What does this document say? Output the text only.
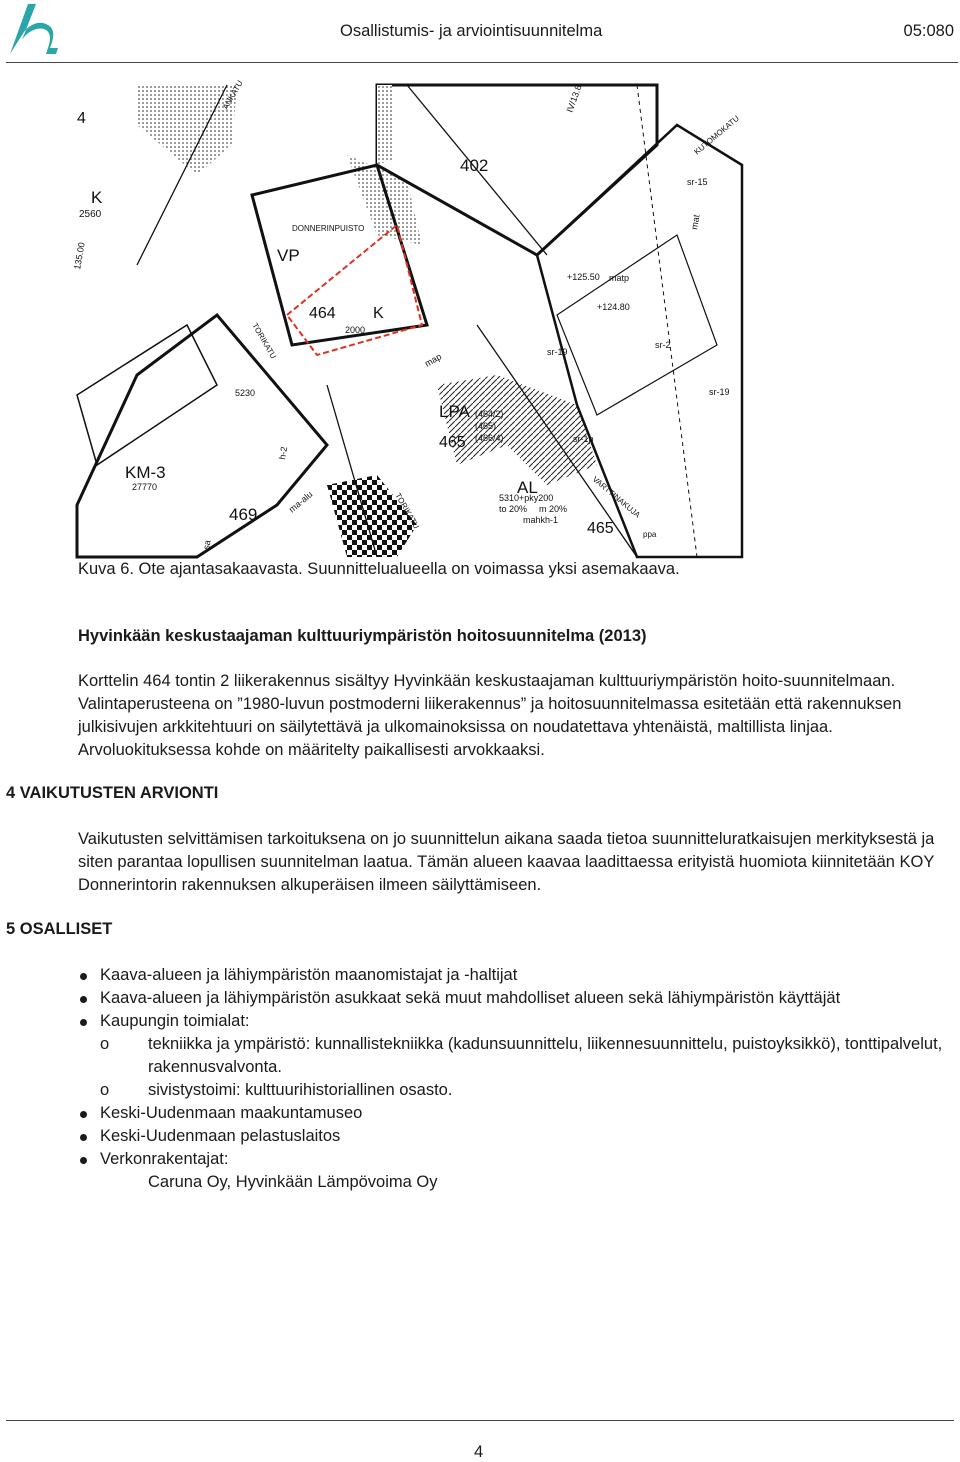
Osallistumis- ja arviointisuunnitelma	05:080
4
K
2560
135.00	VP
DONNERINPUISTO
464 K
2000
402
KUTOMOKATU
sr-15
mat
+125.50
+124.80
matp
sr-2
sr-19
sr-19
TORIKATU
TORIKATU
5230
h-2
KM-3
27770
469	ma-alu
sa
LPA (464/2)
(465)
(466/4)
465
map
AL
5310+pky200
to 20% m 20%
mahkh-1 465
sr-1p
VARTTINAKUJA
ppa
ANKATU	IV/13.8

Kuva 6. Ote ajantasakaavasta. Suunnittelualueella on voimassa yksi asemakaava.

Hyvinkään keskustaajaman kulttuuriympäristön hoitosuunnitelma (2013)

Korttelin 464 tontin 2 liikerakennus sisältyy Hyvinkään keskustaajaman kulttuuriympäristön hoito-suunnitelmaan. Valintaperusteena on ”1980-luvun postmoderni liikerakennus” ja hoitosuunnitelmassa esitetään että rakennuksen julkisivujen arkkitehtuuri on säilytettävä ja ulkomainoksissa on noudatettava yhtenäistä, maltillista linjaa. Arvoluokituksessa kohde on määritelty paikallisesti arvokkaaksi.

4 VAIKUTUSTEN ARVIONTI

Vaikutusten selvittämisen tarkoituksena on jo suunnittelun aikana saada tietoa suunnitteluratkaisujen merkityksestä ja siten parantaa lopullisen suunnitelman laatua. Tämän alueen kaavaa laadittaessa erityistä huomiota kiinnitetään KOY Donnerintorin rakennuksen alkuperäisen ilmeen säilyttämiseen.

5 OSALLISET

Kaava-alueen ja lähiympäristön maanomistajat ja -haltijat
Kaava-alueen ja lähiympäristön asukkaat sekä muut mahdolliset alueen sekä lähiympäristön käyttäjät
Kaupungin toimialat:
o tekniikka ja ympäristö: kunnallistekniikka (kadunsuunnittelu, liikennesuunnittelu, puistoyksikkö), tonttipalvelut, rakennusvalvonta.
o sivistystoimi: kulttuurihistoriallinen osasto.
Keski-Uudenmaan maakuntamuseo
Keski-Uudenmaan pelastuslaitos
Verkonrakentajat:
Caruna Oy, Hyvinkään Lämpövoima Oy
4
